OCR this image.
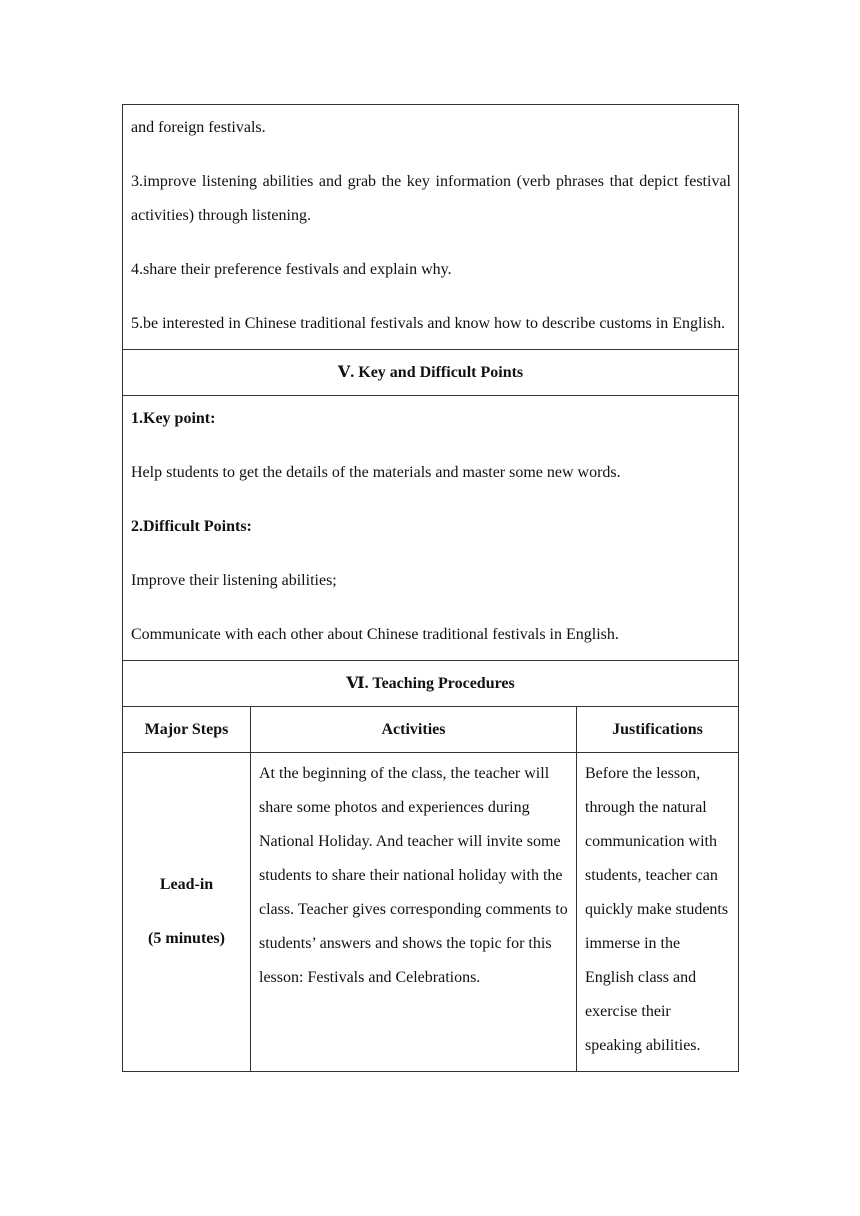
and foreign festivals.

3.improve listening abilities and grab the key information (verb phrases that depict festival activities) through listening.

4.share their preference festivals and explain why.

5.be interested in Chinese traditional festivals and know how to describe customs in English.		

Ⅴ. Key and Difficult Points		

1.Key point:

Help students to get the details of the materials and master some new words.

2.Difficult Points:

Improve their listening abilities;

Communicate with each other about Chinese traditional festivals in English.		

Ⅵ. Teaching Procedures		
Major Steps	Activities	Justifications

Lead-in

(5 minutes)	At the beginning of the class, the teacher will share some photos and experiences during National Holiday. And teacher will invite some students to share their national holiday with the class. Teacher gives corresponding comments to students’ answers and shows the topic for this lesson: Festivals and Celebrations.	Before the lesson, through the natural communication with students, teacher can quickly make students immerse in the English class and exercise their speaking abilities.
